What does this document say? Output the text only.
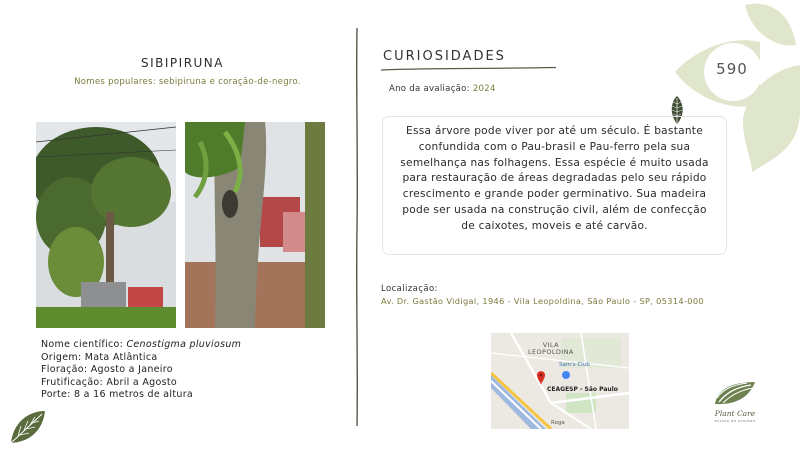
590
SIBIPIRUNA
Nomes populares: sebipiruna e coração-de-negro.
Nome científico: Cenostigma pluviosum
Origem: Mata Atlântica
Floração: Agosto a Janeiro
Frutificação: Abril a Agosto
Porte: 8 a 16 metros de altura
CURIOSIDADES
Ano da avaliação: 2024
Essa árvore pode viver por até um século. É bastante confundida com o Pau-brasil e Pau-ferro pela sua semelhança nas folhagens. Essa espécie é muito usada para restauração de áreas degradadas pelo seu rápido crescimento e grande poder germinativo. Sua madeira pode ser usada na construção civil, além de confecção de caixotes, moveis e até carvão.
Localização:
Av. Dr. Gastão Vidigal, 1946 - Vila Leopoldina, São Paulo - SP, 05314-000
VILA
LEOPOLDINA
Sam's Club
CEAGESP - São Paulo
Roga
Plant Care
escola de plantas
